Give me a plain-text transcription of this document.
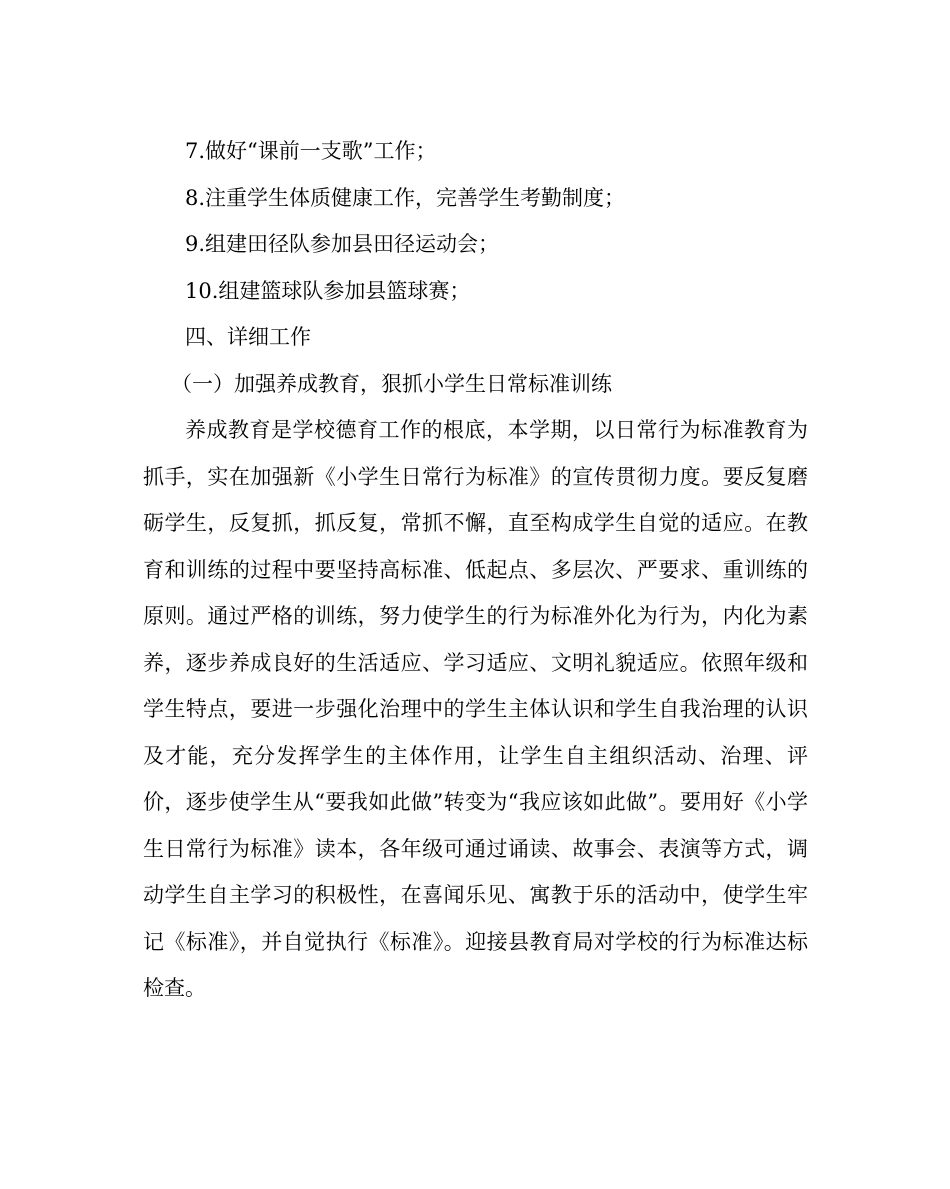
7.做好“课前一支歌”工作；
8.注重学生体质健康工作，完善学生考勤制度；
9.组建田径队参加县田径运动会；
10.组建篮球队参加县篮球赛；
四、详细工作
（一）加强养成教育，狠抓小学生日常标准训练

养成教育是学校德育工作的根底，本学期，以日常行为标准教育为抓手，实在加强新《小学生日常行为标准》的宣传贯彻力度。要反复磨砺学生，反复抓，抓反复，常抓不懈，直至构成学生自觉的适应。在教育和训练的过程中要坚持高标准、低起点、多层次、严要求、重训练的原则。通过严格的训练，努力使学生的行为标准外化为行为，内化为素养，逐步养成良好的生活适应、学习适应、文明礼貌适应。依照年级和学生特点，要进一步强化治理中的学生主体认识和学生自我治理的认识及才能，充分发挥学生的主体作用，让学生自主组织活动、治理、评价，逐步使学生从“要我如此做”转变为“我应该如此做”。要用好《小学生日常行为标准》读本，各年级可通过诵读、故事会、表演等方式，调动学生自主学习的积极性，在喜闻乐见、寓教于乐的活动中，使学生牢记《标准》，并自觉执行《标准》。迎接县教育局对学校的行为标准达标检查。
